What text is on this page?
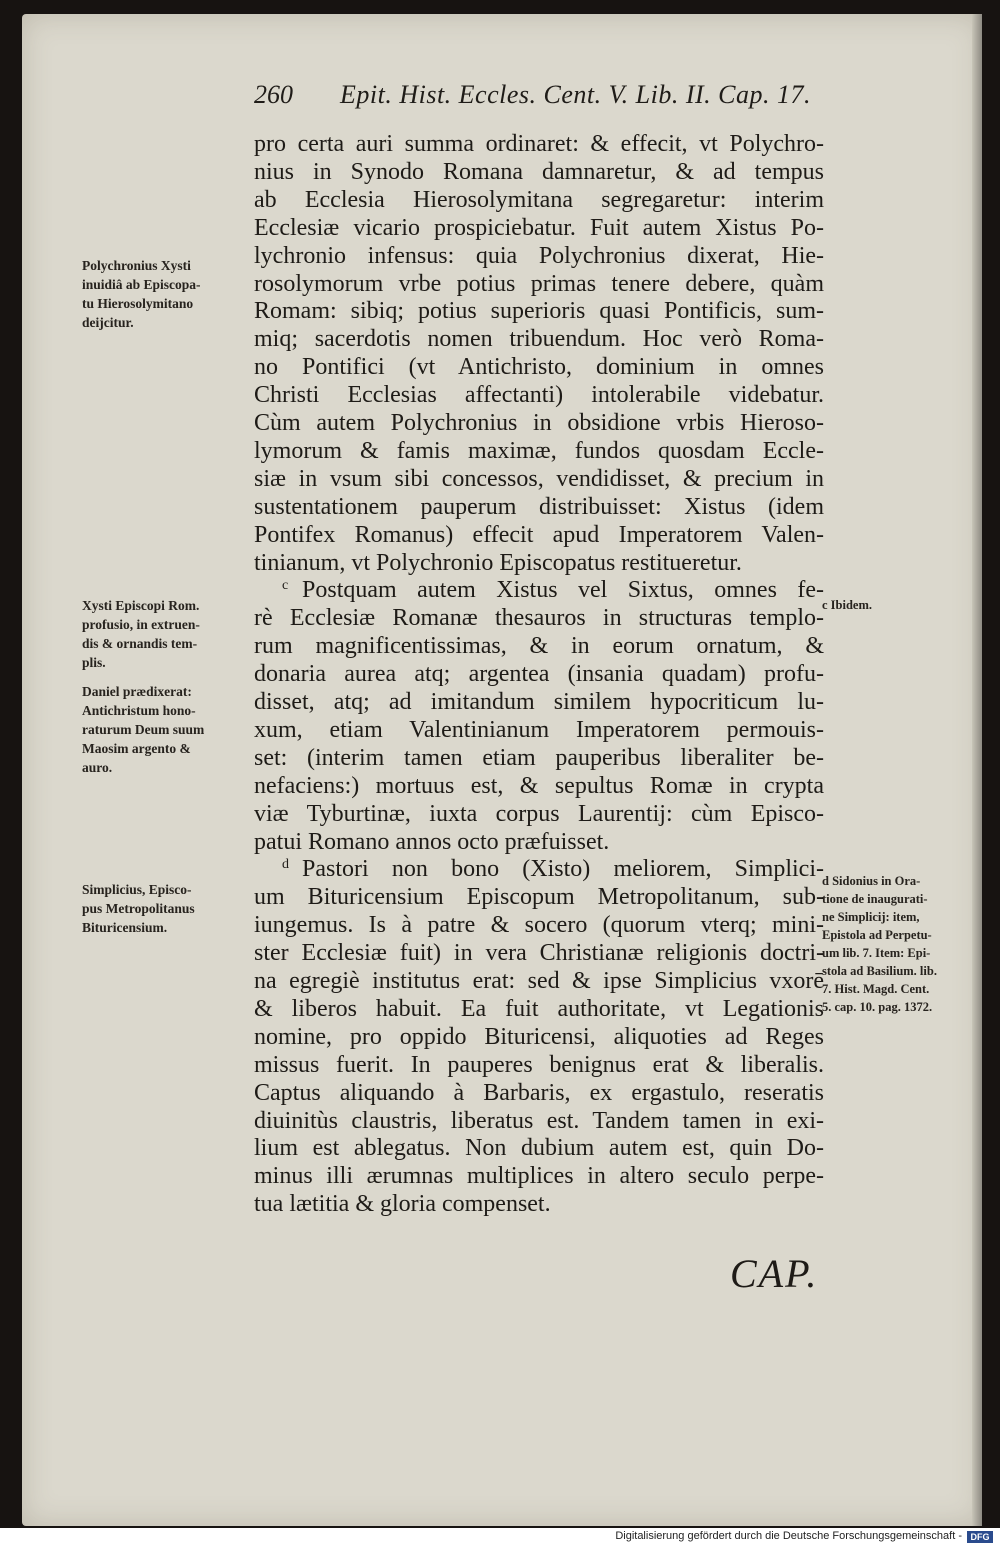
260 Epit. Hist. Eccles. Cent. V. Lib. II. Cap. 17.
pro certa auri summa ordinaret: & effecit, vt Polychro-
nius in Synodo Romana damnaretur, & ad tempus
ab Ecclesia Hierosolymitana segregaretur: interim
Ecclesiæ vicario prospiciebatur. Fuit autem Xistus Po-
lychronio infensus: quia Polychronius dixerat, Hie-
rosolymorum vrbe potius primas tenere debere, quàm
Romam: sibiq; potius superioris quasi Pontificis, sum-
miq; sacerdotis nomen tribuendum. Hoc verò Roma-
no Pontifici (vt Antichristo, dominium in omnes
Christi Ecclesias affectanti) intolerabile videbatur.
Cùm autem Polychronius in obsidione vrbis Hieroso-
lymorum & famis maximæ, fundos quosdam Eccle-
siæ in vsum sibi concessos, vendidisset, & precium in
sustentationem pauperum distribuisset: Xistus (idem
Pontifex Romanus) effecit apud Imperatorem Valen-
tinianum, vt Polychronio Episcopatus restitueretur.
c Postquam autem Xistus vel Sixtus, omnes fe-
rè Ecclesiæ Romanæ thesauros in structuras templo-
rum magnificentissimas, & in eorum ornatum, &
donaria aurea atq; argentea (insania quadam) profu-
disset, atq; ad imitandum similem hypocriticum lu-
xum, etiam Valentinianum Imperatorem permouis-
set: (interim tamen etiam pauperibus liberaliter be-
nefaciens:) mortuus est, & sepultus Romæ in crypta
viæ Tyburtinæ, iuxta corpus Laurentij: cùm Episco-
patui Romano annos octo præfuisset.
d Pastori non bono (Xisto) meliorem, Simplici-
um Bituricensium Episcopum Metropolitanum, sub-
iungemus. Is à patre & socero (quorum vterq; mini-
ster Ecclesiæ fuit) in vera Christianæ religionis doctri-
na egregiè institutus erat: sed & ipse Simplicius vxorē
& liberos habuit. Ea fuit authoritate, vt Legationis
nomine, pro oppido Bituricensi, aliquoties ad Reges
missus fuerit. In pauperes benignus erat & liberalis.
Captus aliquando à Barbaris, ex ergastulo, reseratis
diuinitùs claustris, liberatus est. Tandem tamen in exi-
lium est ablegatus. Non dubium autem est, quin Do-
minus illi ærumnas multiplices in altero seculo perpe-
tua lætitia & gloria compenset.
Polychronius Xysti
inuidiâ ab Episcopa-
tu Hierosolymitano
deijcitur.
Xysti Episcopi Rom.
profusio, in extruen-
dis & ornandis tem-
plis.
Daniel prædixerat:
Antichristum hono-
raturum Deum suum
Maosim argento &
auro.
Simplicius, Episco-
pus Metropolitanus
Bituricensium.
c Ibidem.
d Sidonius in Ora-
tione de inaugurati-
ne Simplicij: item,
Epistola ad Perpetu-
um lib. 7. Item: Epi-
stola ad Basilium. lib.
7. Hist. Magd. Cent.
5. cap. 10. pag. 1372.
CAP.
Digitalisierung gefördert durch die Deutsche Forschungsgemeinschaft - DFG
